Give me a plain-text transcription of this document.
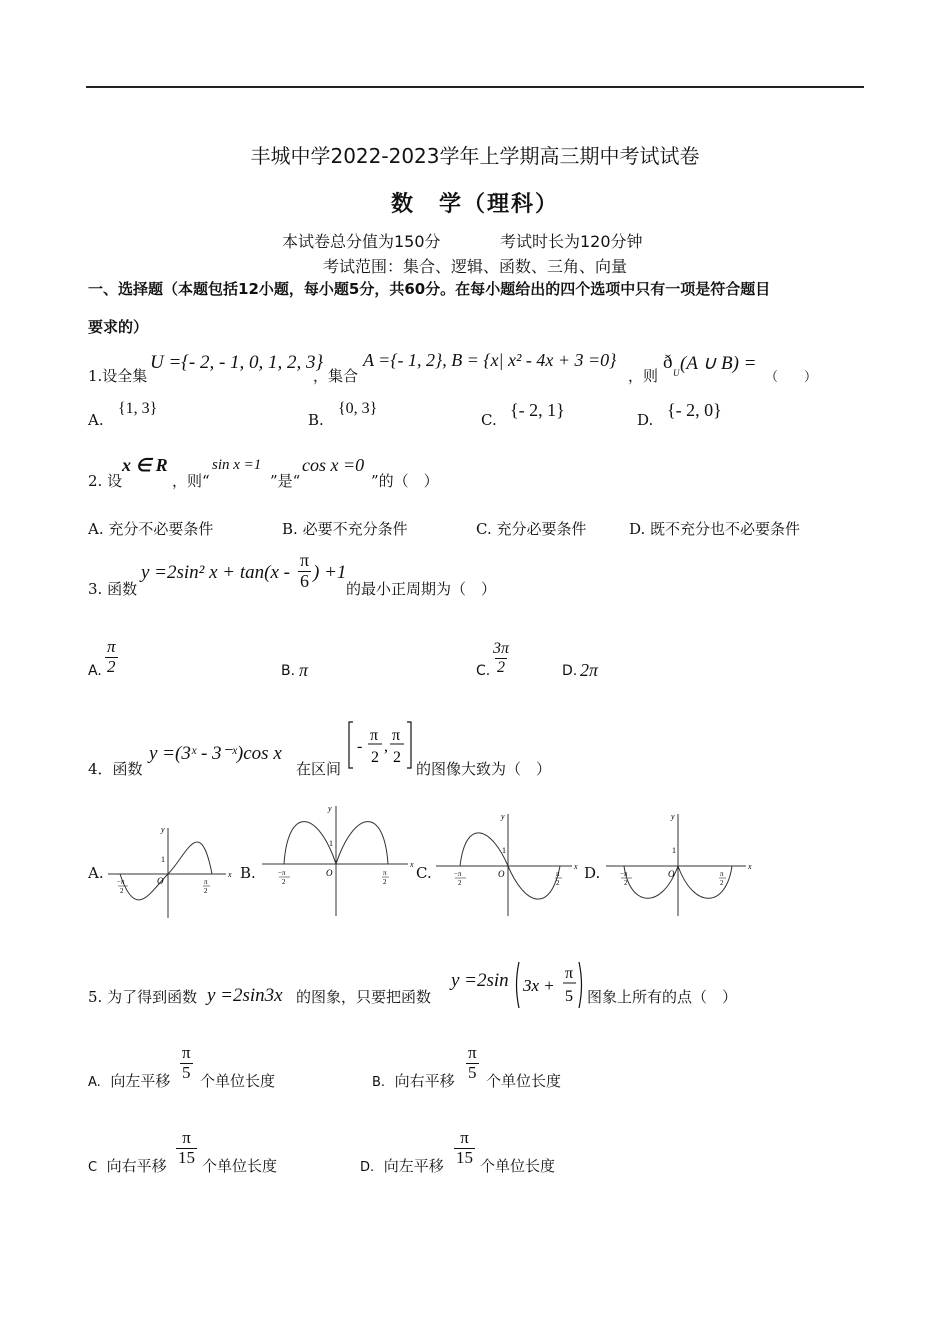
丰城中学2022-2023学年上学期高三期中考试试卷
数　学（理科）
本试卷总分值为150分	考试时长为120分钟
考试范围：集合、逻辑、函数、三角、向量
一、选择题（本题包括12小题，每小题5分，共60分。在每小题给出的四个选项中只有一项是符合题目
要求的）
1.设全集
U ={- 2, - 1, 0, 1, 2, 3}
，集合
A ={- 1, 2}, B = {x| x² - 4x + 3 =0}
，则
ð U (A ∪ B) =
（　　）
A.
{1, 3}
B.
{0, 3}
C. {- 2, 1}	D. {- 2, 0}
2. 设
x ∈ R
，则“
sin x =1
”是“
cos x =0
”的（　）
A. 充分不必要条件	B. 必要不充分条件	C. 充分必要条件	D. 既不充分也不必要条件
3. 函数
y =2sin² $x + \tan(x - \frac{\pi}{6}$ ) +1
的最小正周期为（　）
A. $\frac{\pi}{2}$	B. π	C. $\frac{3\pi}{2}$	D. 2π
4．函数
y =(3ˣ - 3⁻ˣ)cos x
在区间
-
π
2
,
π
2
的图像大致为（　）
A.
y
x
O
1
−π
2
π
2
B.
y
x
O
1
−π
2
π
2 C.
y
x
O
1
−π
2
π
2
D.
y
x
O
1
−π
2
π
2
5. 为了得到函数 y =2sin3x 的图象，只要把函数
y =2sin 3x +
π
5 图象上所有的点（　）
A. 向左平移 $\frac{\pi}{5}$ 个单位长度	B. 向右平移 $\frac{\pi}{5}$ 个单位长度
C 向右平移 $\frac{\pi}{15}$ 个单位长度	D. 向左平移 $\frac{\pi}{15}$ 个单位长度
